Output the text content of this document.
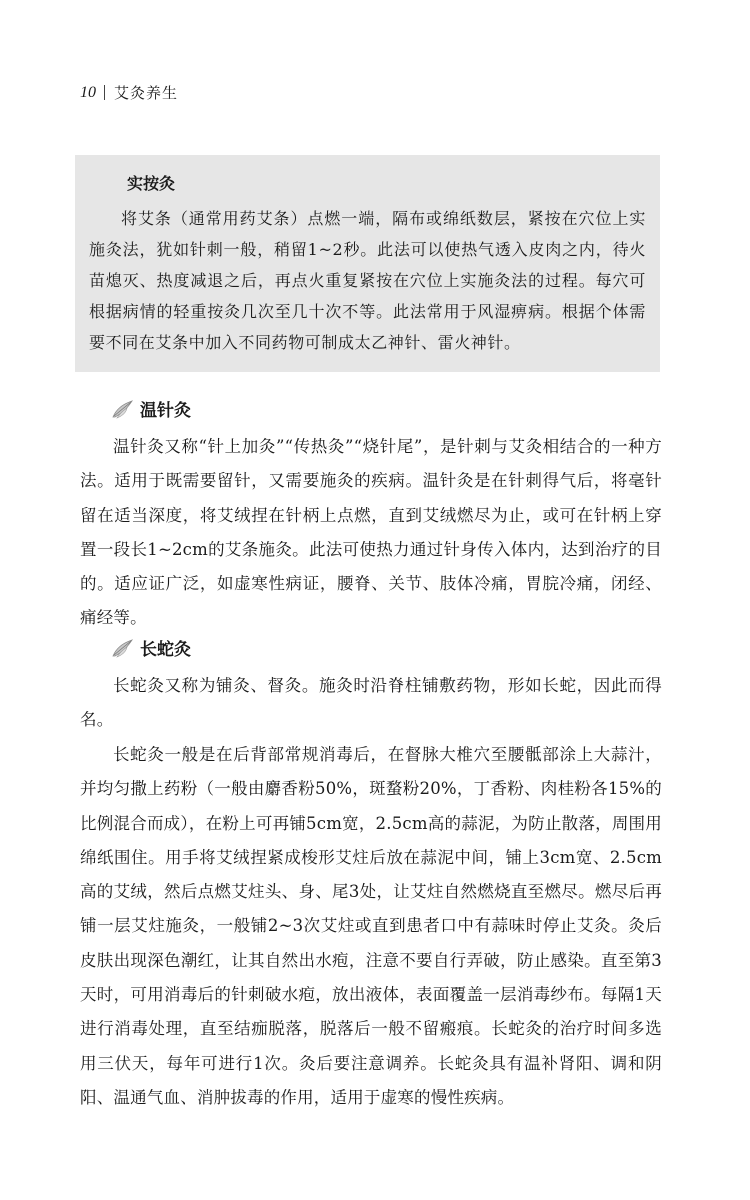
10 艾灸养生
实按灸
将艾条（通常用药艾条）点燃一端，隔布或绵纸数层，紧按在穴位上实施灸法，犹如针刺一般，稍留1~2秒。此法可以使热气透入皮肉之内，待火苗熄灭、热度减退之后，再点火重复紧按在穴位上实施灸法的过程。每穴可根据病情的轻重按灸几次至几十次不等。此法常用于风湿痹病。根据个体需要不同在艾条中加入不同药物可制成太乙神针、雷火神针。
温针灸

温针灸又称“针上加灸”“传热灸”“烧针尾”，是针刺与艾灸相结合的一种方法。适用于既需要留针，又需要施灸的疾病。温针灸是在针刺得气后，将毫针留在适当深度，将艾绒捏在针柄上点燃，直到艾绒燃尽为止，或可在针柄上穿置一段长1~2cm的艾条施灸。此法可使热力通过针身传入体内，达到治疗的目的。适应证广泛，如虚寒性病证，腰脊、关节、肢体冷痛，胃脘冷痛，闭经、痛经等。

长蛇灸

长蛇灸又称为铺灸、督灸。施灸时沿脊柱铺敷药物，形如长蛇，因此而得名。

长蛇灸一般是在后背部常规消毒后，在督脉大椎穴至腰骶部涂上大蒜汁，并均匀撒上药粉（一般由麝香粉50%，斑蝥粉20%，丁香粉、肉桂粉各15%的比例混合而成），在粉上可再铺5cm宽，2.5cm高的蒜泥，为防止散落，周围用绵纸围住。用手将艾绒捏紧成梭形艾炷后放在蒜泥中间，铺上3cm宽、2.5cm高的艾绒，然后点燃艾炷头、身、尾3处，让艾炷自然燃烧直至燃尽。燃尽后再铺一层艾炷施灸，一般铺2~3次艾炷或直到患者口中有蒜味时停止艾灸。灸后皮肤出现深色潮红，让其自然出水疱，注意不要自行弄破，防止感染。直至第3天时，可用消毒后的针刺破水疱，放出液体，表面覆盖一层消毒纱布。每隔1天进行消毒处理，直至结痂脱落，脱落后一般不留瘢痕。长蛇灸的治疗时间多选用三伏天，每年可进行1次。灸后要注意调养。长蛇灸具有温补肾阳、调和阴阳、温通气血、消肿拔毒的作用，适用于虚寒的慢性疾病。
